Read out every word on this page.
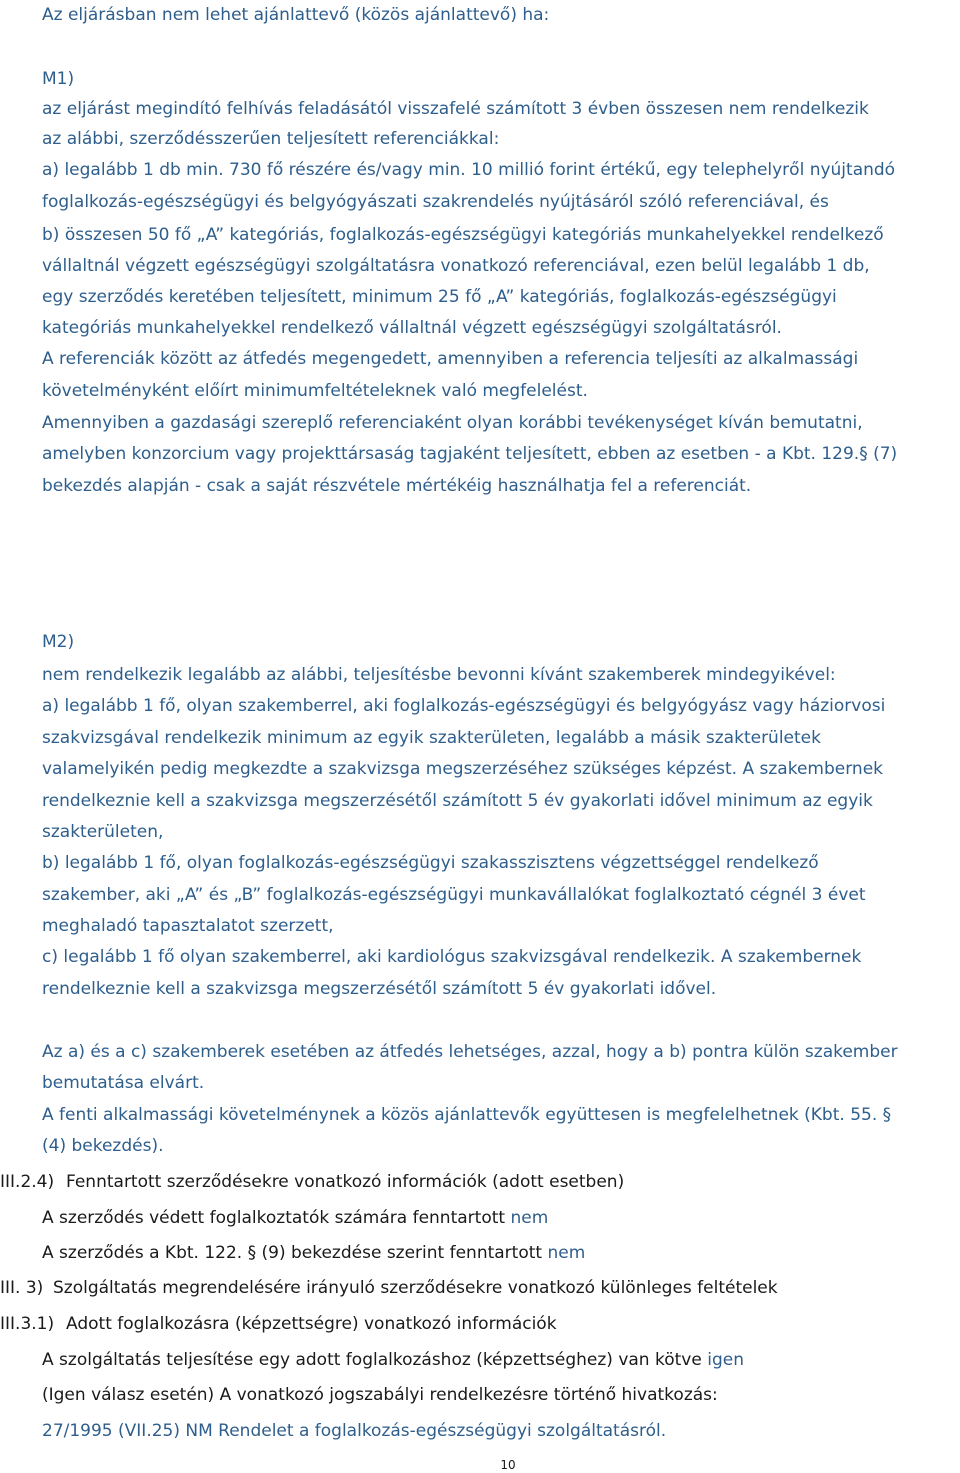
Az eljárásban nem lehet ajánlattevő (közös ajánlattevő) ha:
M1)
az eljárást megindító felhívás feladásától visszafelé számított 3 évben összesen nem rendelkezik
az alábbi, szerződésszerűen teljesített referenciákkal:
a) legalább 1 db min. 730 fő részére és/vagy min. 10 millió forint értékű, egy telephelyről nyújtandó
foglalkozás-egészségügyi és belgyógyászati szakrendelés nyújtásáról szóló referenciával, és
b) összesen 50 fő „A” kategóriás, foglalkozás-egészségügyi kategóriás munkahelyekkel rendelkező
vállaltnál végzett egészségügyi szolgáltatásra vonatkozó referenciával, ezen belül legalább 1 db,
egy szerződés keretében teljesített, minimum 25 fő „A” kategóriás, foglalkozás-egészségügyi
kategóriás munkahelyekkel rendelkező vállaltnál végzett egészségügyi szolgáltatásról.
A referenciák között az átfedés megengedett, amennyiben a referencia teljesíti az alkalmassági
követelményként előírt minimumfeltételeknek való megfelelést.
Amennyiben a gazdasági szereplő referenciaként olyan korábbi tevékenységet kíván bemutatni,
amelyben konzorcium vagy projekttársaság tagjaként teljesített, ebben az esetben - a Kbt. 129.§ (7)
bekezdés alapján - csak a saját részvétele mértékéig használhatja fel a referenciát.
M2)
nem rendelkezik legalább az alábbi, teljesítésbe bevonni kívánt szakemberek mindegyikével:
a) legalább 1 fő, olyan szakemberrel, aki foglalkozás-egészségügyi és belgyógyász vagy háziorvosi
szakvizsgával rendelkezik minimum az egyik szakterületen, legalább a másik szakterületek
valamelyikén pedig megkezdte a szakvizsga megszerzéséhez szükséges képzést. A szakembernek
rendelkeznie kell a szakvizsga megszerzésétől számított 5 év gyakorlati idővel minimum az egyik
szakterületen,
b) legalább 1 fő, olyan foglalkozás-egészségügyi szakasszisztens végzettséggel rendelkező
szakember, aki „A” és „B” foglalkozás-egészségügyi munkavállalókat foglalkoztató cégnél 3 évet
meghaladó tapasztalatot szerzett,
c) legalább 1 fő olyan szakemberrel, aki kardiológus szakvizsgával rendelkezik. A szakembernek
rendelkeznie kell a szakvizsga megszerzésétől számított 5 év gyakorlati idővel.
Az a) és a c) szakemberek esetében az átfedés lehetséges, azzal, hogy a b) pontra külön szakember
bemutatása elvárt.
A fenti alkalmassági követelménynek a közös ajánlattevők együttesen is megfelelhetnek (Kbt. 55. §
(4) bekezdés).
III.2.4) Fenntartott szerződésekre vonatkozó információk (adott esetben)
A szerződés védett foglalkoztatók számára fenntartott nem
A szerződés a Kbt. 122. § (9) bekezdése szerint fenntartott nem
III. 3) Szolgáltatás megrendelésére irányuló szerződésekre vonatkozó különleges feltételek
III.3.1) Adott foglalkozásra (képzettségre) vonatkozó információk
A szolgáltatás teljesítése egy adott foglalkozáshoz (képzettséghez) van kötve igen
(Igen válasz esetén) A vonatkozó jogszabályi rendelkezésre történő hivatkozás:
27/1995 (VII.25) NM Rendelet a foglalkozás-egészségügyi szolgáltatásról.
10
